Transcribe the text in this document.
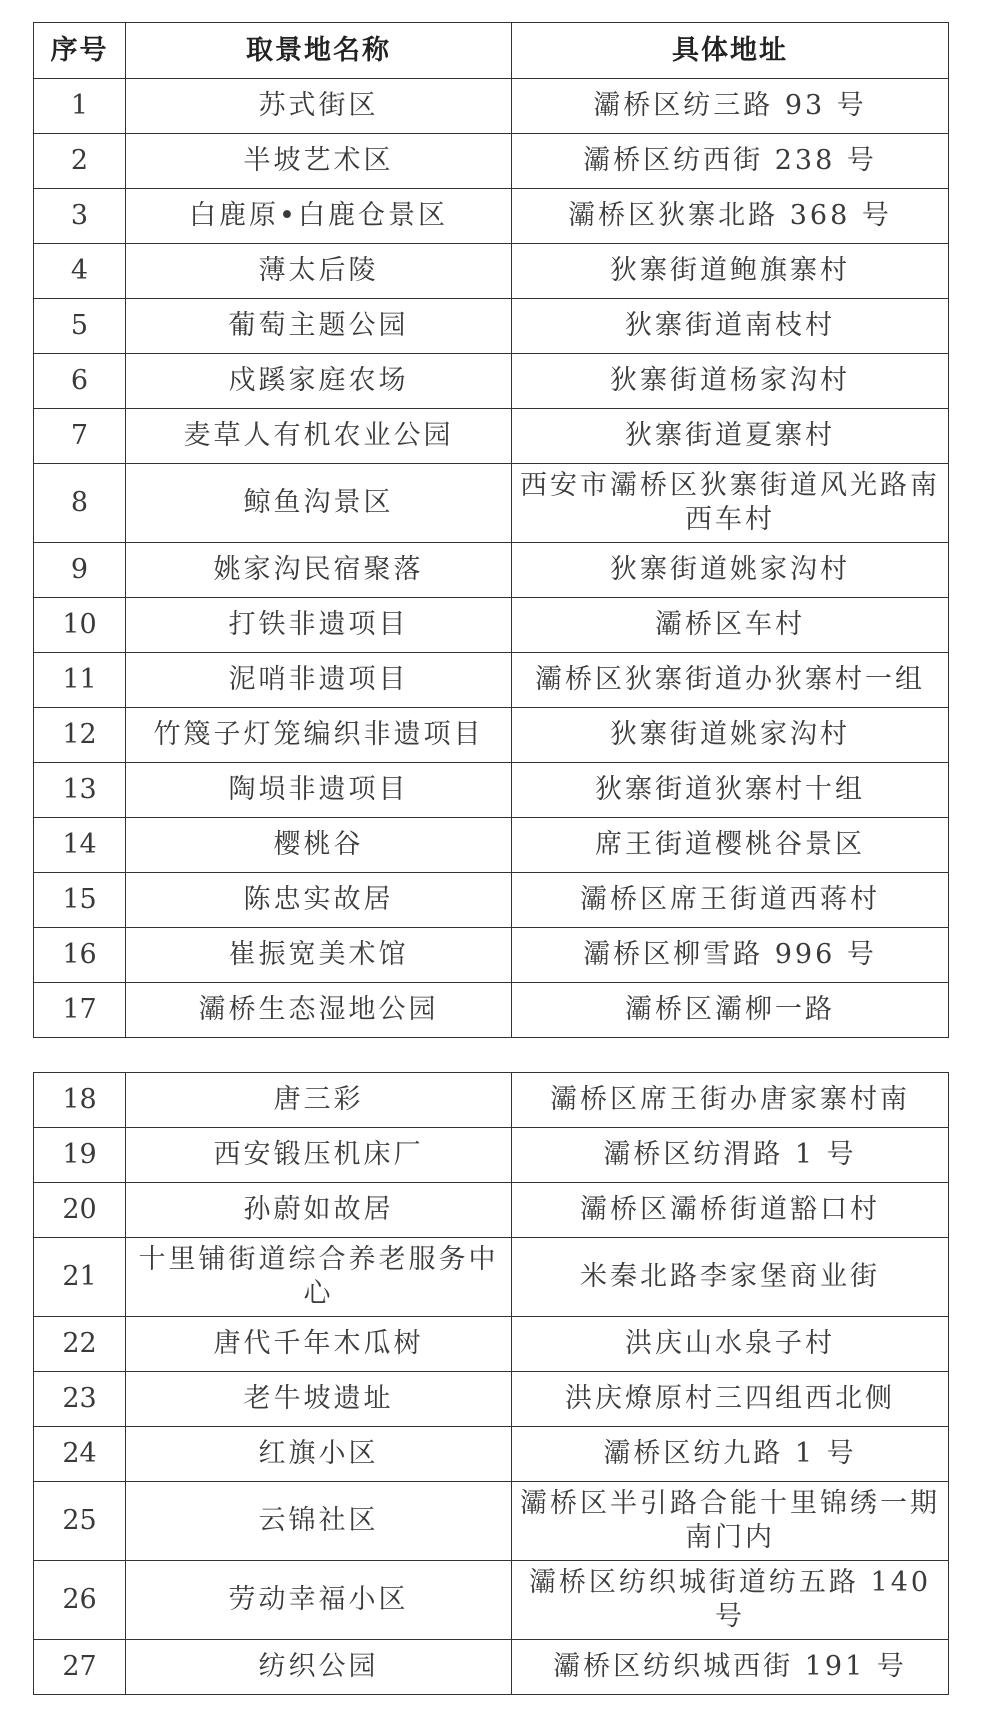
序号	取景地名称	具体地址
1	苏式街区	灞桥区纺三路 93 号
2	半坡艺术区	灞桥区纺西街 238 号
3	白鹿原•白鹿仓景区	灞桥区狄寨北路 368 号
4	薄太后陵	狄寨街道鲍旗寨村
5	葡萄主题公园	狄寨街道南枝村
6	戍蹊家庭农场	狄寨街道杨家沟村
7	麦草人有机农业公园	狄寨街道夏寨村
8	鲸鱼沟景区	西安市灞桥区狄寨街道风光路南西车村
9	姚家沟民宿聚落	狄寨街道姚家沟村
10	打铁非遗项目	灞桥区车村
11	泥哨非遗项目	灞桥区狄寨街道办狄寨村一组
12	竹篾子灯笼编织非遗项目	狄寨街道姚家沟村
13	陶埙非遗项目	狄寨街道狄寨村十组
14	樱桃谷	席王街道樱桃谷景区
15	陈忠实故居	灞桥区席王街道西蒋村
16	崔振宽美术馆	灞桥区柳雪路 996 号
17	灞桥生态湿地公园	灞桥区灞柳一路
18	唐三彩	灞桥区席王街办唐家寨村南
19	西安锻压机床厂	灞桥区纺渭路 1 号
20	孙蔚如故居	灞桥区灞桥街道豁口村
21	十里铺街道综合养老服务中心	米秦北路李家堡商业街
22	唐代千年木瓜树	洪庆山水泉子村
23	老牛坡遗址	洪庆燎原村三四组西北侧
24	红旗小区	灞桥区纺九路 1 号
25	云锦社区	灞桥区半引路合能十里锦绣一期南门内
26	劳动幸福小区	灞桥区纺织城街道纺五路 140 号
27	纺织公园	灞桥区纺织城西街 191 号
